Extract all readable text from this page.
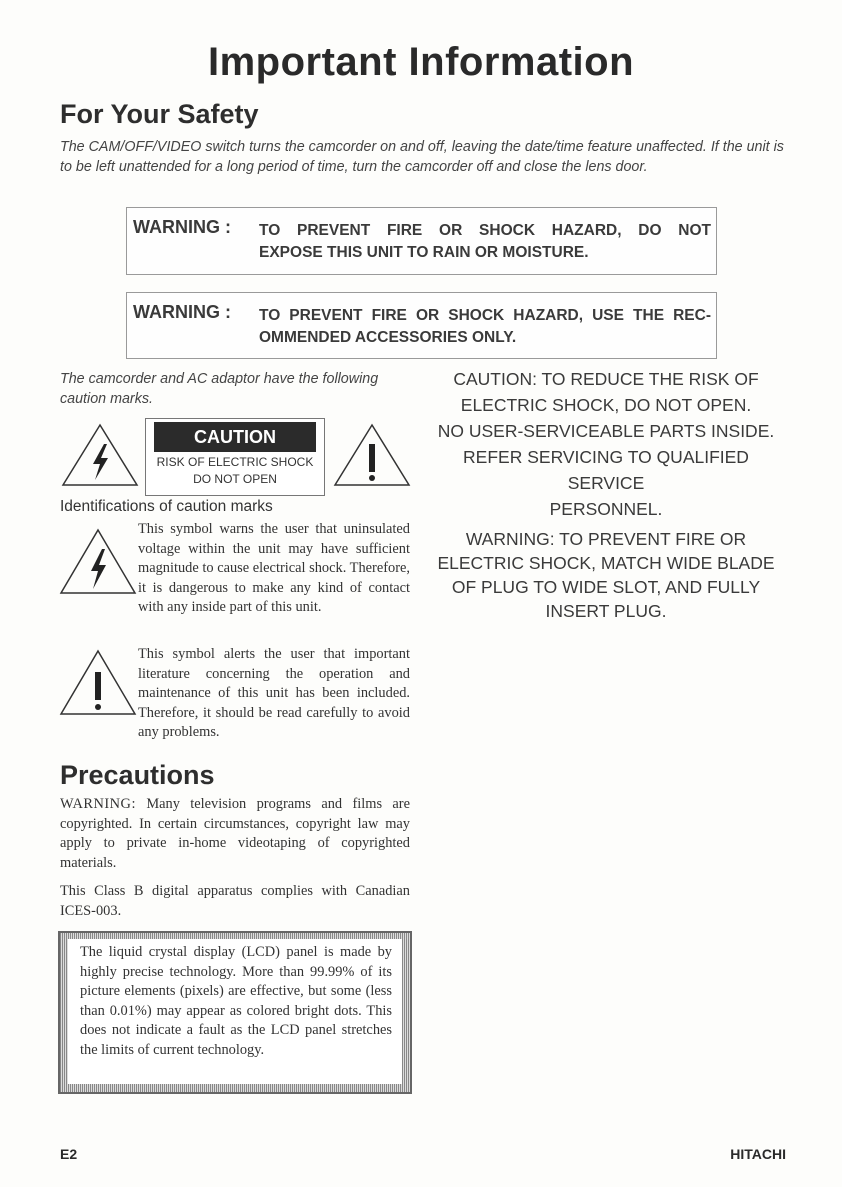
Important Information
For Your Safety
The CAM/OFF/VIDEO switch turns the camcorder on and off, leaving the date/time feature unaffected. If the unit is to be left unattended for a long period of time, turn the camcorder off and close the lens door.
WARNING : TO PREVENT FIRE OR SHOCK HAZARD, DO NOT
EXPOSE THIS UNIT TO RAIN OR MOISTURE.
WARNING : TO PREVENT FIRE OR SHOCK HAZARD, USE THE REC-
OMMENDED ACCESSORIES ONLY.
The camcorder and AC adaptor have the following caution marks.
CAUTION
RISK OF ELECTRIC SHOCK
DO NOT OPEN
Identifications of caution marks
This symbol warns the user that uninsulated voltage within the unit may have sufficient magnitude to cause electrical shock. Therefore, it is dangerous to make any kind of contact with any inside part of this unit.
This symbol alerts the user that important literature concerning the operation and maintenance of this unit has been included. Therefore, it should be read carefully to avoid any problems.
CAUTION: TO REDUCE THE RISK OF
ELECTRIC SHOCK, DO NOT OPEN.
NO USER-SERVICEABLE PARTS INSIDE.
REFER SERVICING TO QUALIFIED SERVICE
PERSONNEL.
WARNING: TO PREVENT FIRE OR
ELECTRIC SHOCK, MATCH WIDE BLADE
OF PLUG TO WIDE SLOT, AND FULLY
INSERT PLUG.
Precautions
WARNING: Many television programs and films are copyrighted. In certain circumstances, copyright law may apply to private in-home videotaping of copyrighted materials.
This Class B digital apparatus complies with Canadian ICES-003.
The liquid crystal display (LCD) panel is made by highly precise technology. More than 99.99% of its picture elements (pixels) are effective, but some (less than 0.01%) may appear as colored bright dots. This does not indicate a fault as the LCD panel stretches the limits of current technology.
E2	HITACHI
